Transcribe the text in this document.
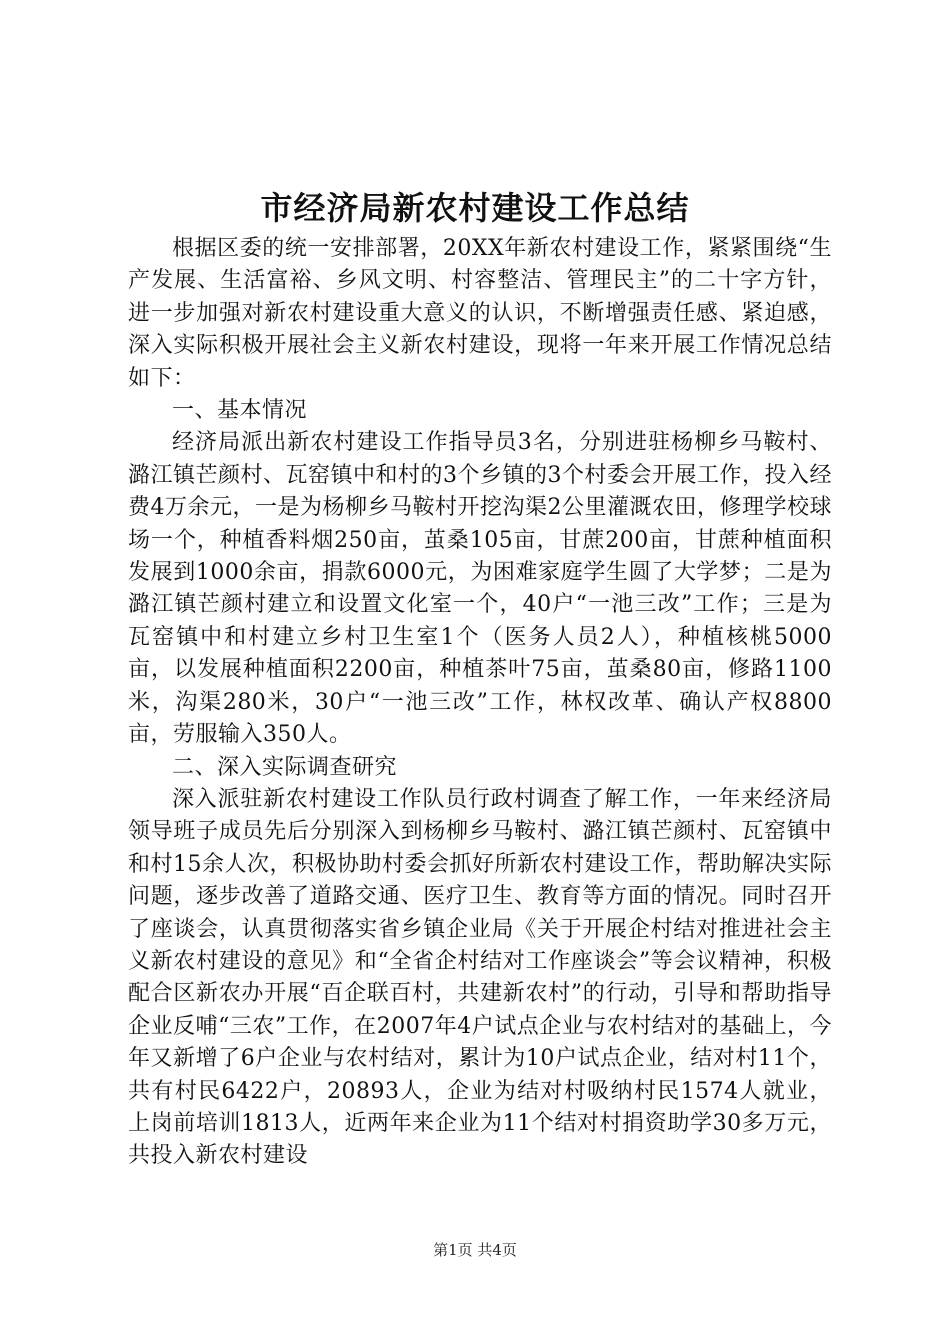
市经济局新农村建设工作总结

根据区委的统一安排部署，20XX年新农村建设工作，紧紧围绕“生产发展、生活富裕、乡风文明、村容整洁、管理民主”的二十字方针，进一步加强对新农村建设重大意义的认识，不断增强责任感、紧迫感，深入实际积极开展社会主义新农村建设，现将一年来开展工作情况总结如下：

一、基本情况

经济局派出新农村建设工作指导员3名，分别进驻杨柳乡马鞍村、潞江镇芒颜村、瓦窑镇中和村的3个乡镇的3个村委会开展工作，投入经费4万余元，一是为杨柳乡马鞍村开挖沟渠2公里灌溉农田，修理学校球场一个，种植香料烟250亩，茧桑105亩，甘蔗200亩，甘蔗种植面积发展到1000余亩，捐款6000元，为困难家庭学生圆了大学梦；二是为潞江镇芒颜村建立和设置文化室一个，40户“一池三改”工作；三是为瓦窑镇中和村建立乡村卫生室1个（医务人员2人），种植核桃5000亩，以发展种植面积2200亩，种植茶叶75亩，茧桑80亩，修路1100米，沟渠280米，30户“一池三改”工作，林权改革、确认产权8800亩，劳服输入350人。

二、深入实际调查研究

深入派驻新农村建设工作队员行政村调查了解工作，一年来经济局领导班子成员先后分别深入到杨柳乡马鞍村、潞江镇芒颜村、瓦窑镇中和村15余人次，积极协助村委会抓好所新农村建设工作，帮助解决实际问题，逐步改善了道路交通、医疗卫生、教育等方面的情况。同时召开了座谈会，认真贯彻落实省乡镇企业局《关于开展企村结对推进社会主义新农村建设的意见》和“全省企村结对工作座谈会”等会议精神，积极配合区新农办开展“百企联百村，共建新农村”的行动，引导和帮助指导企业反哺“三农”工作，在2007年4户试点企业与农村结对的基础上，今年又新增了6户企业与农村结对，累计为10户试点企业，结对村11个，共有村民6422户，20893人，企业为结对村吸纳村民1574人就业，上岗前培训1813人，近两年来企业为11个结对村捐资助学30多万元，共投入新农村建设

第1页 共4页
